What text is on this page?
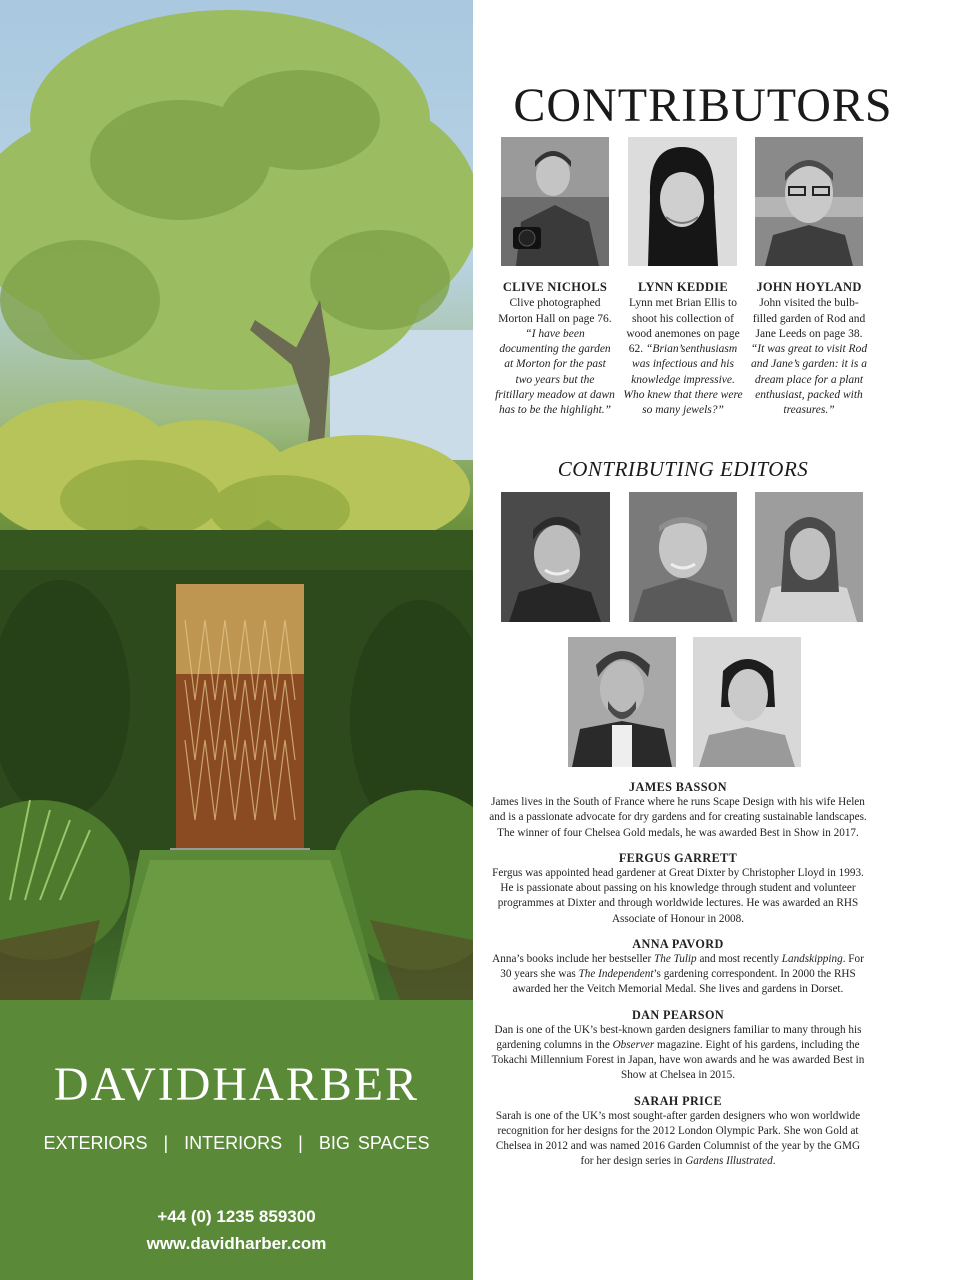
DAVIDHARBER
EXTERIORS | INTERIORS | BIG SPACES
+44 (0) 1235 859300
www.davidharber.com
CONTRIBUTORS
CLIVE NICHOLS
Clive photographed Morton Hall on page 76. “I have been documenting the garden at Morton for the past two years but the fritillary meadow at dawn has to be the highlight.”
LYNN KEDDIE
Lynn met Brian Ellis to shoot his collection of wood anemones on page 62. “Brian’senthusiasm was infectious and his knowledge impressive. Who knew that there were so many jewels?”
JOHN HOYLAND
John visited the bulb-filled garden of Rod and Jane Leeds on page 38. “It was great to visit Rod and Jane’s garden: it is a dream place for a plant enthusiast, packed with treasures.”
CONTRIBUTING EDITORS
JAMES BASSON
James lives in the South of France where he runs Scape Design with his wife Helen and is a passionate advocate for dry gardens and for creating sustainable landscapes. The winner of four Chelsea Gold medals, he was awarded Best in Show in 2017.
FERGUS GARRETT
Fergus was appointed head gardener at Great Dixter by Christopher Lloyd in 1993. He is passionate about passing on his knowledge through student and volunteer programmes at Dixter and through worldwide lectures. He was awarded an RHS Associate of Honour in 2008.
ANNA PAVORD
Anna’s books include her bestseller The Tulip and most recently Landskipping. For 30 years she was The Independent’s gardening correspondent. In 2000 the RHS awarded her the Veitch Memorial Medal. She lives and gardens in Dorset.
DAN PEARSON
Dan is one of the UK’s best-known garden designers familiar to many through his gardening columns in the Observer magazine. Eight of his gardens, including the Tokachi Millennium Forest in Japan, have won awards and he was awarded Best in Show at Chelsea in 2015.
SARAH PRICE
Sarah is one of the UK’s most sought-after garden designers who won worldwide recognition for her designs for the 2012 London Olympic Park. She won Gold at Chelsea in 2012 and was named 2016 Garden Columnist of the year by the GMG for her design series in Gardens Illustrated.
